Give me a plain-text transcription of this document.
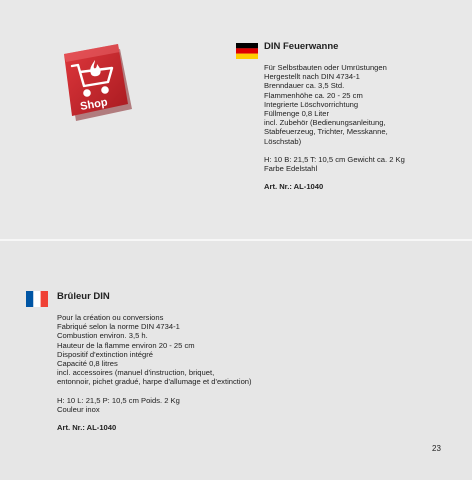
Shop
DIN Feuerwanne
Für Selbstbauten oder Umrüstungen
Hergestellt nach DIN 4734-1
Brenndauer ca. 3,5 Std.
Flammenhöhe ca. 20 - 25 cm
Integrierte Löschvorrichtung
Füllmenge 0,8 Liter
incl. Zubehör (Bedienungsanleitung,
Stabfeuerzeug, Trichter, Messkanne,
Löschstab)
H: 10 B: 21,5 T: 10,5 cm Gewicht ca. 2 Kg
Farbe Edelstahl
Art. Nr.: AL-1040
Brûleur DIN
Pour la création ou conversions
Fabriqué selon la norme DIN 4734-1
Combustion environ. 3,5 h.
Hauteur de la flamme environ 20 - 25 cm
Dispositif d'extinction intégré
Capacité 0,8 litres
incl. accessoires (manuel d'instruction, briquet,
entonnoir, pichet gradué, harpe d'allumage et d'extinction)
H: 10 L: 21,5 P: 10,5 cm Poids. 2 Kg
Couleur inox
Art. Nr.: AL-1040
23
